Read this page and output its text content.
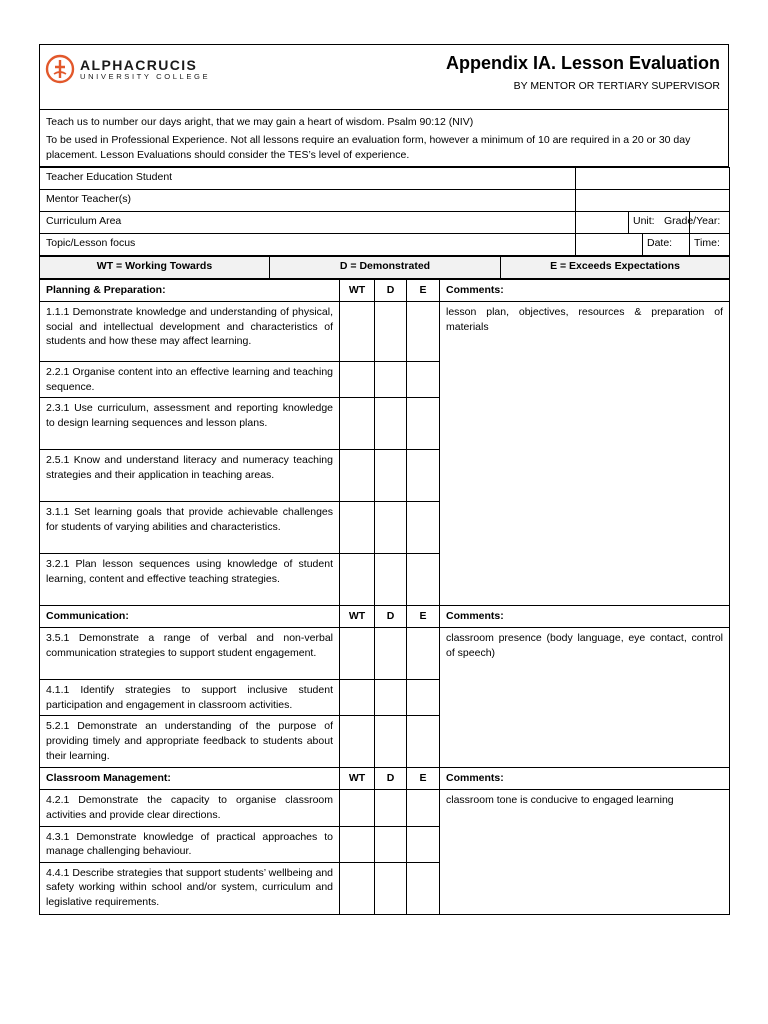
ALPHACRUCIS
UNIVERSITY COLLEGE
Appendix IA. Lesson Evaluation
BY MENTOR OR TERTIARY SUPERVISOR
Teach us to number our days aright, that we may gain a heart of wisdom. Psalm 90:12 (NIV)
To be used in Professional Experience. Not all lessons require an evaluation form, however a minimum of 10 are required in a 20 or 30 day placement. Lesson Evaluations should consider the TES’s level of experience.
Teacher Education Student				
Mentor Teacher(s)				
Curriculum Area		Unit:		Grade/Year:
Topic/Lesson focus			Date:	Time:
WT = Working Towards	D = Demonstrated	E = Exceeds Expectations
Planning & Preparation:	WT	D	E	Comments:
1.1.1 Demonstrate knowledge and understanding of physical, social and intellectual development and characteristics of students and how these may affect learning.				lesson plan, objectives, resources & preparation of materials
2.2.1 Organise content into an effective learning and teaching sequence.				
2.3.1 Use curriculum, assessment and reporting knowledge to design learning sequences and lesson plans.				
2.5.1 Know and understand literacy and numeracy teaching strategies and their application in teaching areas.				
3.1.1 Set learning goals that provide achievable challenges for students of varying abilities and characteristics.				
3.2.1 Plan lesson sequences using knowledge of student learning, content and effective teaching strategies.				
Communication:	WT	D	E	Comments:
3.5.1 Demonstrate a range of verbal and non-verbal communication strategies to support student engagement.				classroom presence (body language, eye contact, control of speech)
4.1.1 Identify strategies to support inclusive student participation and engagement in classroom activities.				
5.2.1 Demonstrate an understanding of the purpose of providing timely and appropriate feedback to students about their learning.				
Classroom Management:	WT	D	E	Comments:
4.2.1 Demonstrate the capacity to organise classroom activities and provide clear directions.				classroom tone is conducive to engaged learning
4.3.1 Demonstrate knowledge of practical approaches to manage challenging behaviour.				
4.4.1 Describe strategies that support students’ wellbeing and safety working within school and/or system, curriculum and legislative requirements.				
